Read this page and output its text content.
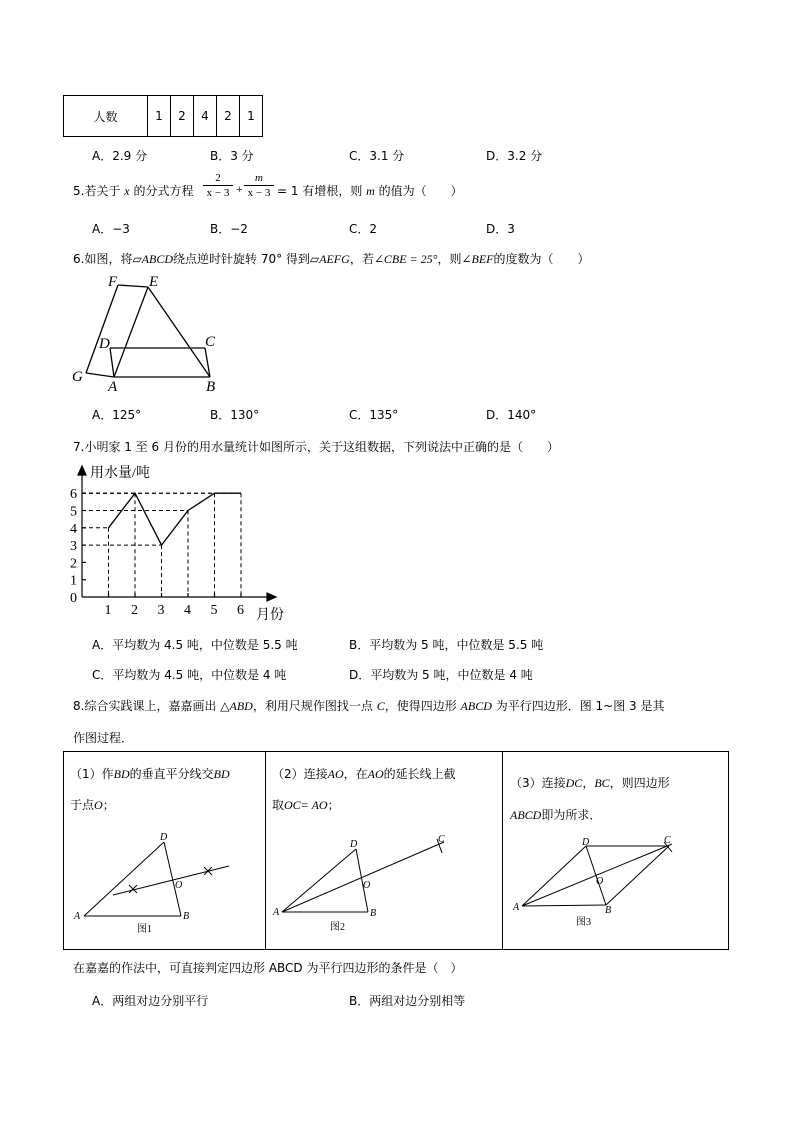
人数	1	2	4	2	1
A．2.9 分	B．3 分	C．3.1 分	D．3.2 分
5.若关于 x 的分式方程
2
x − 3 +
m
x − 3 = 1 有增根，则 m 的值为（　　）
A．−3	B．−2	C．2	D．3
6.如图，将▱ABCD绕点逆时针旋转 70° 得到▱AEFG，若∠CBE = 25°，则∠BEF的度数为（　　）
F E
D	C
G
A	B
A．125°	B．130°	C．135°	D．140°
7.小明家 1 至 6 月份的用水量统计如图所示，关于这组数据，下列说法中正确的是（　　）
0
1
2
3
4
5
6
1 2 3 4 5 6
用水量/吨
月份
A．平均数为 4.5 吨，中位数是 5.5 吨	B．平均数为 5 吨，中位数是 5.5 吨
C．平均数为 4.5 吨，中位数是 4 吨	D．平均数为 5 吨，中位数是 4 吨
8.综合实践课上，嘉嘉画出 △ABD，利用尺规作图找一点 C，使得四边形 ABCD 为平行四边形．图 1~图 3 是其
作图过程．
（1）作BD的垂直平分线交BD
于点O；
（2）连接AO，在AO的延长线上截
取OC= AO；
（3）连接DC，BC，则四边形
ABCD即为所求．
D
O
A	B
图1
D	C
O
A	B
图2
D	C
O
A	B
图3
在嘉嘉的作法中，可直接判定四边形 ABCD 为平行四边形的条件是（　）
A．两组对边分别平行	B．两组对边分别相等
